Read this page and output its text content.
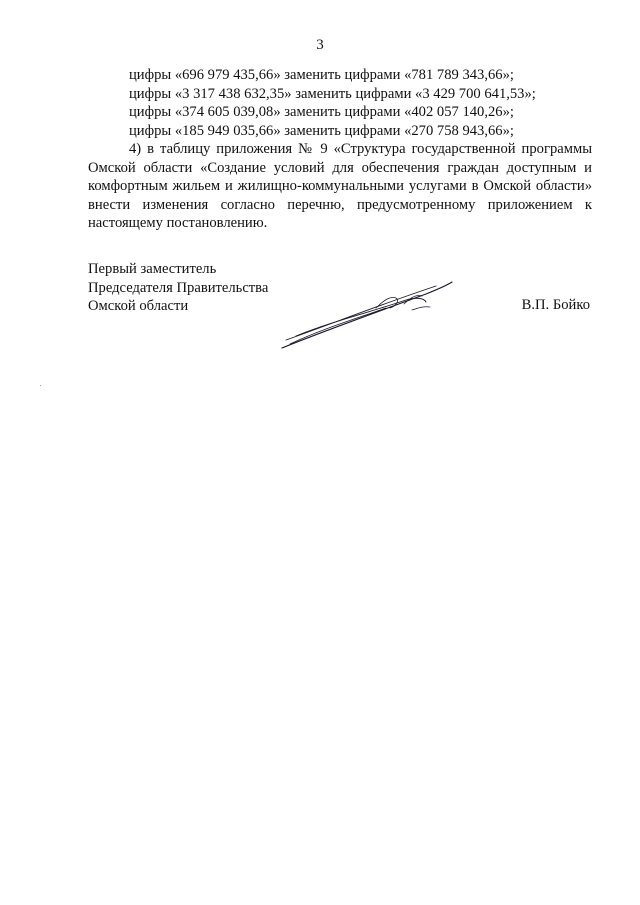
3
цифры «696 979 435,66» заменить цифрами «781 789 343,66»;
цифры «3 317 438 632,35» заменить цифрами «3 429 700 641,53»;
цифры «374 605 039,08» заменить цифрами «402 057 140,26»;
цифры «185 949 035,66» заменить цифрами «270 758 943,66»;

4) в таблицу приложения № 9 «Структура государственной программы Омской области «Создание условий для обеспечения граждан доступным и комфортным жильем и жилищно-коммунальными услугами в Омской области» внести изменения согласно перечню, предусмотренному приложением к настоящему постановлению.

Первый заместитель
Председателя Правительства
Омской области	В.П. Бойко
